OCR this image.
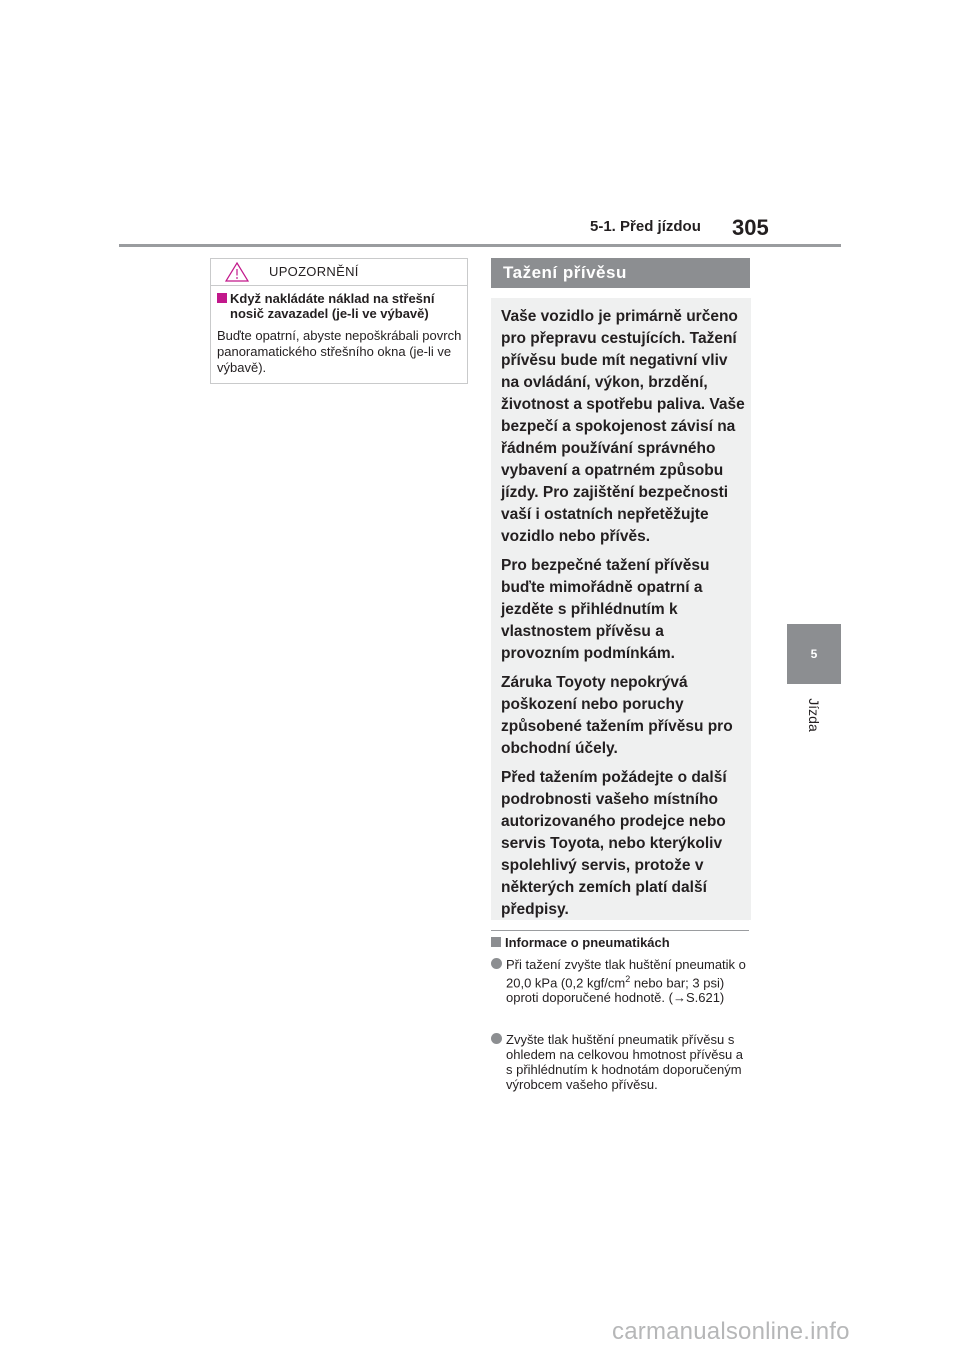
5-1. Před jízdou 305
5
Jízda
UPOZORNĚNÍ
Když nakládáte náklad na střešní nosič zavazadel (je-li ve výbavě)
Buďte opatrní, abyste nepoškrábali povrch panoramatického střešního okna (je-li ve výbavě).
Tažení přívěsu

Vaše vozidlo je primárně určeno pro přepravu cestujících. Tažení přívěsu bude mít negativní vliv na ovládání, výkon, brzdění, životnost a spotřebu paliva. Vaše bezpečí a spokojenost závisí na řádném používání správného vybavení a opatrném způsobu jízdy. Pro zajištění bezpečnosti vaší i ostatních nepřetěžujte vozidlo nebo přívěs.

Pro bezpečné tažení přívěsu buďte mimořádně opatrní a jezděte s přihlédnutím k vlastnostem přívěsu a provozním podmínkám.

Záruka Toyoty nepokrývá poškození nebo poruchy způsobené tažením přívěsu pro obchodní účely.

Před tažením požádejte o další podrobnosti vašeho místního autorizovaného prodejce nebo servis Toyota, nebo kterýkoliv spolehlivý servis, protože v některých zemích platí další předpisy.

Informace o pneumatikách
Při tažení zvyšte tlak huštění pneumatik o 20,0 kPa (0,2 kgf/$cm^2$ nebo bar; 3 psi) oproti doporučené hodnotě. (→S.621)
Zvyšte tlak huštění pneumatik přívěsu s ohledem na celkovou hmotnost přívěsu a s přihlédnutím k hodnotám doporučeným výrobcem vašeho přívěsu.
carmanualsonline.info
